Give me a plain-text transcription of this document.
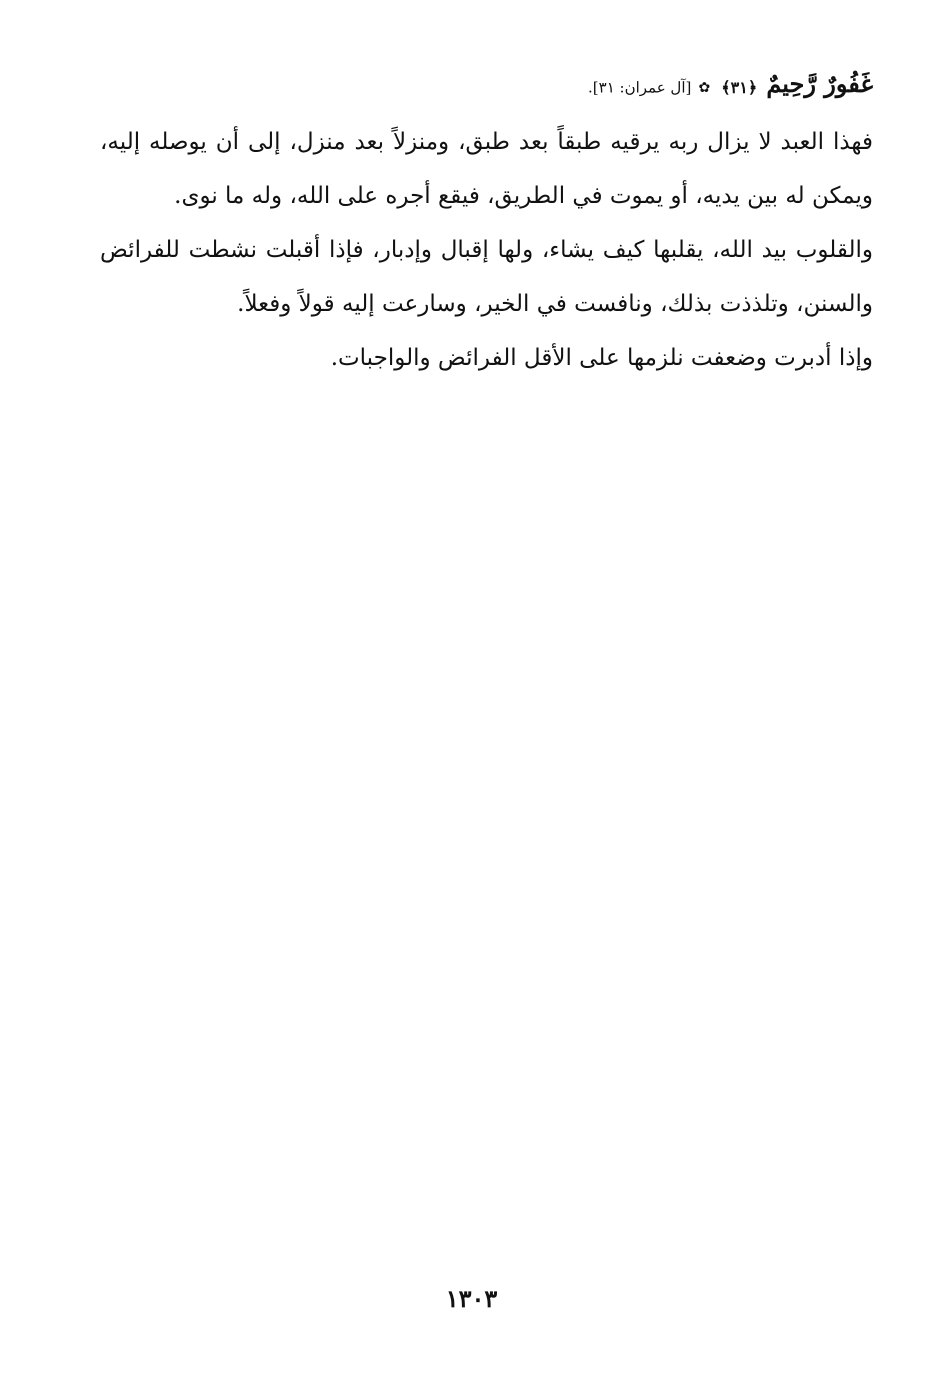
غَفُورٌ رَّحِيمٌ ﴿٣١﴾ ✿ [آل عمران: ٣١].

فهذا العبد لا يزال ربه يرقيه طبقاً بعد طبق، ومنزلاً بعد منزل، إلى أن يوصله إليه، ويمكن له بين يديه، أو يموت في الطريق، فيقع أجره على الله، وله ما نوى.

والقلوب بيد الله، يقلبها كيف يشاء، ولها إقبال وإدبار، فإذا أقبلت نشطت للفرائض والسنن، وتلذذت بذلك، ونافست في الخير، وسارعت إليه قولاً وفعلاً.

وإذا أدبرت وضعفت نلزمها على الأقل الفرائض والواجبات.

١٣٠٣
